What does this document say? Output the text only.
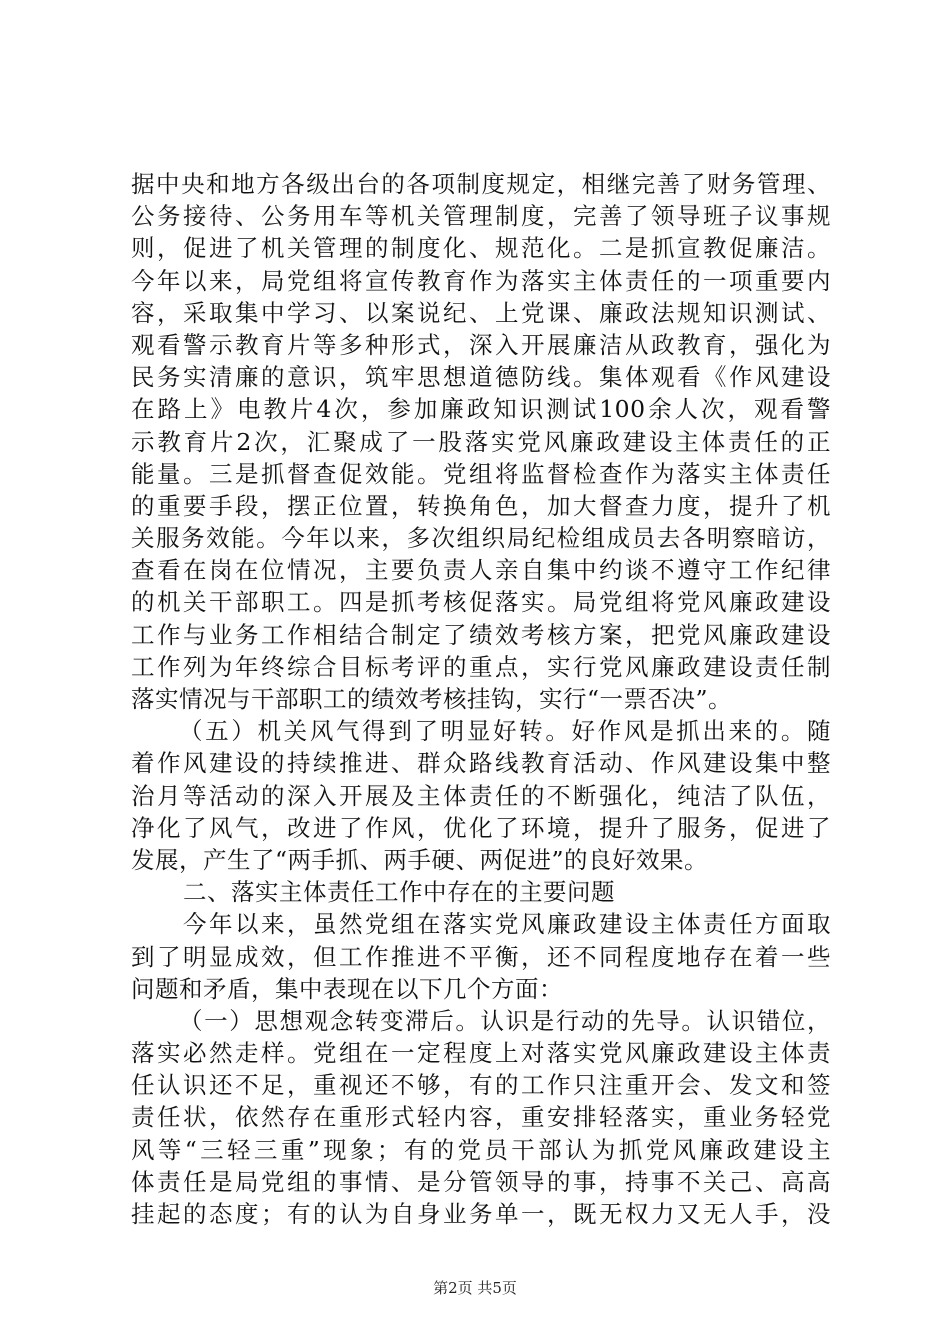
据中央和地方各级出台的各项制度规定，相继完善了财务管理、
公务接待、公务用车等机关管理制度，完善了领导班子议事规
则，促进了机关管理的制度化、规范化。二是抓宣教促廉洁。
今年以来，局党组将宣传教育作为落实主体责任的一项重要内
容，采取集中学习、以案说纪、上党课、廉政法规知识测试、
观看警示教育片等多种形式，深入开展廉洁从政教育，强化为
民务实清廉的意识，筑牢思想道德防线。集体观看《作风建设
在路上》电教片4次，参加廉政知识测试100余人次，观看警
示教育片2次，汇聚成了一股落实党风廉政建设主体责任的正
能量。三是抓督查促效能。党组将监督检查作为落实主体责任
的重要手段，摆正位置，转换角色，加大督查力度，提升了机
关服务效能。今年以来，多次组织局纪检组成员去各明察暗访，
查看在岗在位情况，主要负责人亲自集中约谈不遵守工作纪律
的机关干部职工。四是抓考核促落实。局党组将党风廉政建设
工作与业务工作相结合制定了绩效考核方案，把党风廉政建设
工作列为年终综合目标考评的重点，实行党风廉政建设责任制
落实情况与干部职工的绩效考核挂钩，实行“一票否决”。
（五）机关风气得到了明显好转。好作风是抓出来的。随
着作风建设的持续推进、群众路线教育活动、作风建设集中整
治月等活动的深入开展及主体责任的不断强化，纯洁了队伍，
净化了风气，改进了作风，优化了环境，提升了服务，促进了
发展，产生了“两手抓、两手硬、两促进”的良好效果。
二、落实主体责任工作中存在的主要问题
今年以来，虽然党组在落实党风廉政建设主体责任方面取
到了明显成效，但工作推进不平衡，还不同程度地存在着一些
问题和矛盾，集中表现在以下几个方面：
（一）思想观念转变滞后。认识是行动的先导。认识错位，
落实必然走样。党组在一定程度上对落实党风廉政建设主体责
任认识还不足，重视还不够，有的工作只注重开会、发文和签
责任状，依然存在重形式轻内容，重安排轻落实，重业务轻党
风等“三轻三重”现象；有的党员干部认为抓党风廉政建设主
体责任是局党组的事情、是分管领导的事，持事不关己、高高
挂起的态度；有的认为自身业务单一，既无权力又无人手，没
第2页 共5页
